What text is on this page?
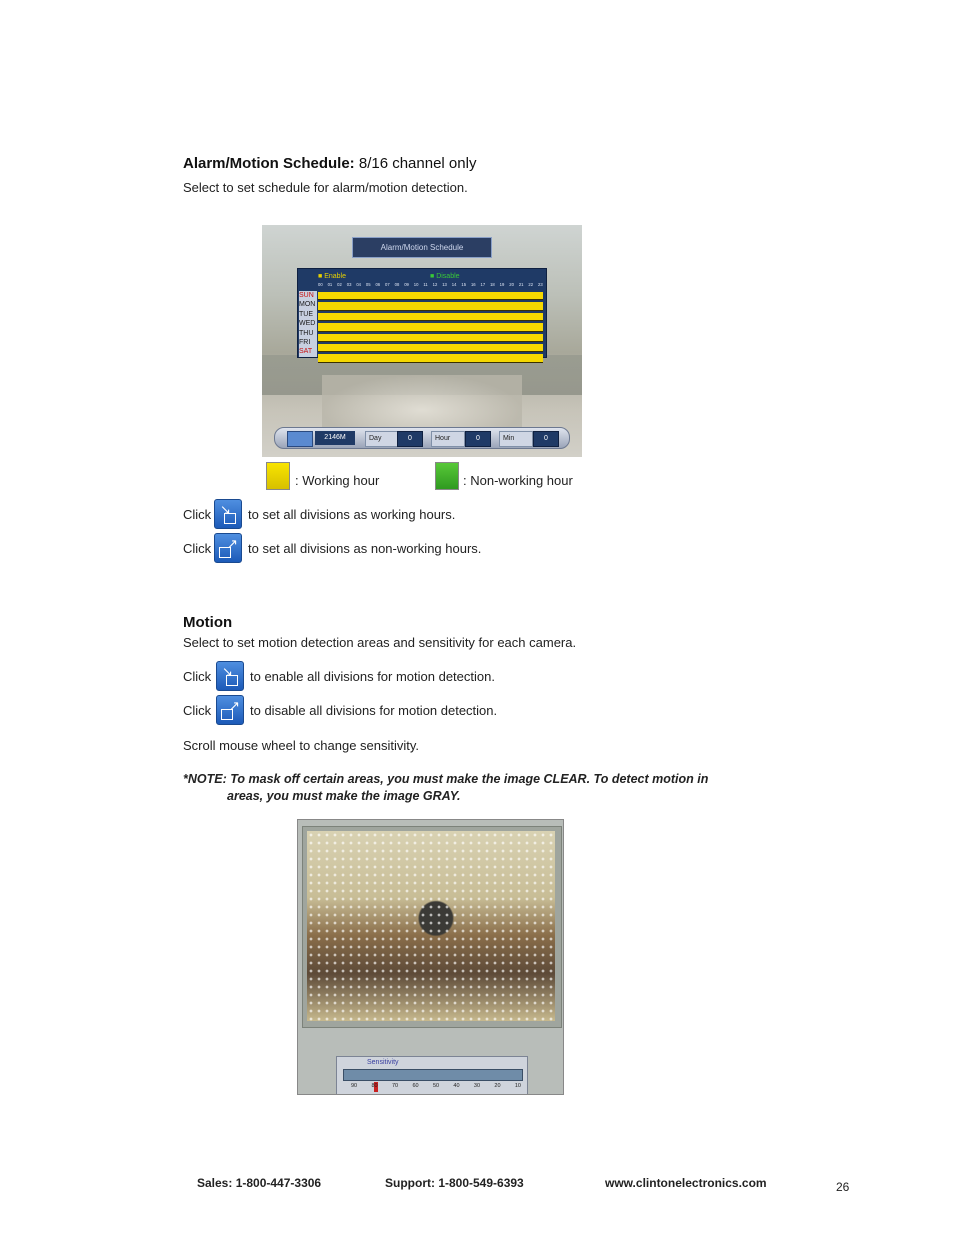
Alarm/Motion Schedule: 8/16 channel only
Select to set schedule for alarm/motion detection.
Alarm/Motion Schedule
■ Enable	■ Disable
00 01 02 03 04 05 06 07 08 09 10 11 12 13 14 15 16 17 18 19 20 21 22 23
SUN
MON
TUE
WED
THU
FRI
SAT
2146M	Day	0	Hour	0	Min	0
: Working hour	: Non-working hour
Click ↘ to set all divisions as working hours.
Click ↗ to set all divisions as non-working hours.
Motion
Select to set motion detection areas and sensitivity for each camera.
Click ↘ to enable all divisions for motion detection.
Click	↗ to disable all divisions for motion detection.
Scroll mouse wheel to change sensitivity.
*NOTE: To mask off certain areas, you must make the image CLEAR. To detect motion in
areas, you must make the image GRAY.
Sensitivity
90	80	70	60	50	40	30	20	10
Sales: 1-800-447-3306	Support: 1-800-549-6393	www.clintonelectronics.com	26
